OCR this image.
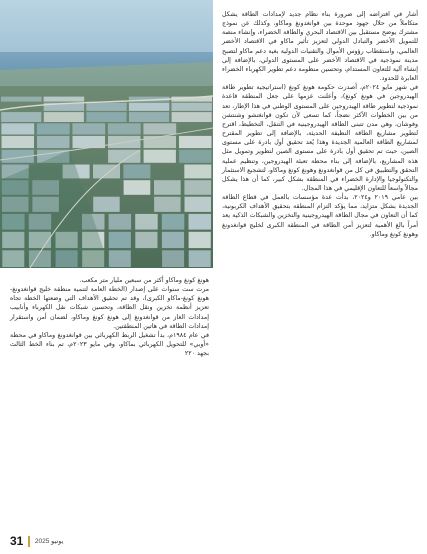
أشار في افتراضه إلى ضرورة بناء نظام جديد لإمدادات الطاقة يشكل متكاملاً من حلال جهود موحدة بين قوانغدونغ وماكاو، وكذلك عن نموذج مشترك يوضح مستقبل بين الاقتصاد البحري والطاقة الخضراء، وإنشاء منصة للتمويل الأخضر والتبادل الدولي لتعزيز تأثير ماكاو في الاقتصاد الأخضر العالمي، واستقطاب رؤوس الأموال والتقنيات الدولية بغية دعم ماكاو لتصبح مدينة نموذجية في الاقتصاد الأخضر على المستوى الدولي، بالإضافة إلى إنشاء آلية للتعاون المستدام، وتحسين منظومة دعم تطوير الكهرباء الخضراء العابرة للحدود.

في شهر مايو ٢٠٢٤م، أصدرت حكومة هونغ كونغ (استراتيجية تطوير طاقة الهيدروجين في هونغ كونغ)، وأعلنت عزمها على جعل المنطقة قاعدة نموذجية لتطوير طاقة الهيدروجين على المستوى الوطني في هذا الإطار، تعد من بين الخطوات الأكثر نضجاً، كما تسعى لأن تكون قوانغتشو وشنتشن وفوشان، وهي مدن تتبنى الطاقة الهيدروجينية في التنقل، التخطيط، اقترح لتطوير مشاريع الطاقة النظيفة الحديثة، بالإضافة إلى تطوير المقترح لمشاريع الطاقة العالمية الجديدة وهذا يُعد تحقيق أول بادرة على مستوى الصين، حيث تم تحقيق أول بادرة على مستوى الصين لتطوير وتمويل مثل هذه المشاريع، بالإضافة إلى بناء محطة تعبئة الهيدروجين، وتنظيم عملية التحقق والتطبيق في كل من قوانغدونغ وهونغ كونغ وماكاو، لتشجيع الاستثمار والتكنولوجيا والإدارة الخضراء في المنطقة بشكل كبير، كما أن هذا يشكل مجالاً واسعاً للتعاون الإقليمي في هذا المجال.

بين عامي ٢٠١٩ و٢٠٢٤، بدأت عدة مؤسسات بالعمل في قطاع الطاقة الجديدة بشكل متزايد، مما يؤكد التزام المنطقة بتحقيق الأهداف الكربونية، كما أن التعاون في مجال الطاقة الهيدروجينية والتخزين والشبكات الذكية يعد أمراً بالغ الأهمية لتعزيز أمن الطاقة في المنطقة الكبرى لخليج قوانغدونغ وهونغ كونغ وماكاو.

هونغ كونغ وماكاو أكثر من سبعين مليار متر مكعب.

مرت ست سنوات على إصدار (الخطة العامة لتنمية منطقة خليج قوانغدونغ-هونغ كونغ-ماكاو الكبرى)، وقد تم تحقيق الأهداف التي وضعتها الخطة تجاه تعزيز أنظمة تخزين ونقل الطاقة، وتحسين شبكات نقل الكهرباء وأنابيب إمدادات الغاز من قوانغدونغ إلى هونغ كونغ وماكاو، لضمان أمن واستقرار إمدادات الطاقة في هاتين المنطقتين.

في عام ١٩٨٤م، بدأ تشغيل الربط الكهربائي بين قوانغدونغ وماكاو في محطة «أوبي» للتحويل الكهربائي بماكاو، وفي مايو ٢٠٢٣م، تم بناء الخط الثالث بجهد ٢٢٠

31 يونيو 2025
